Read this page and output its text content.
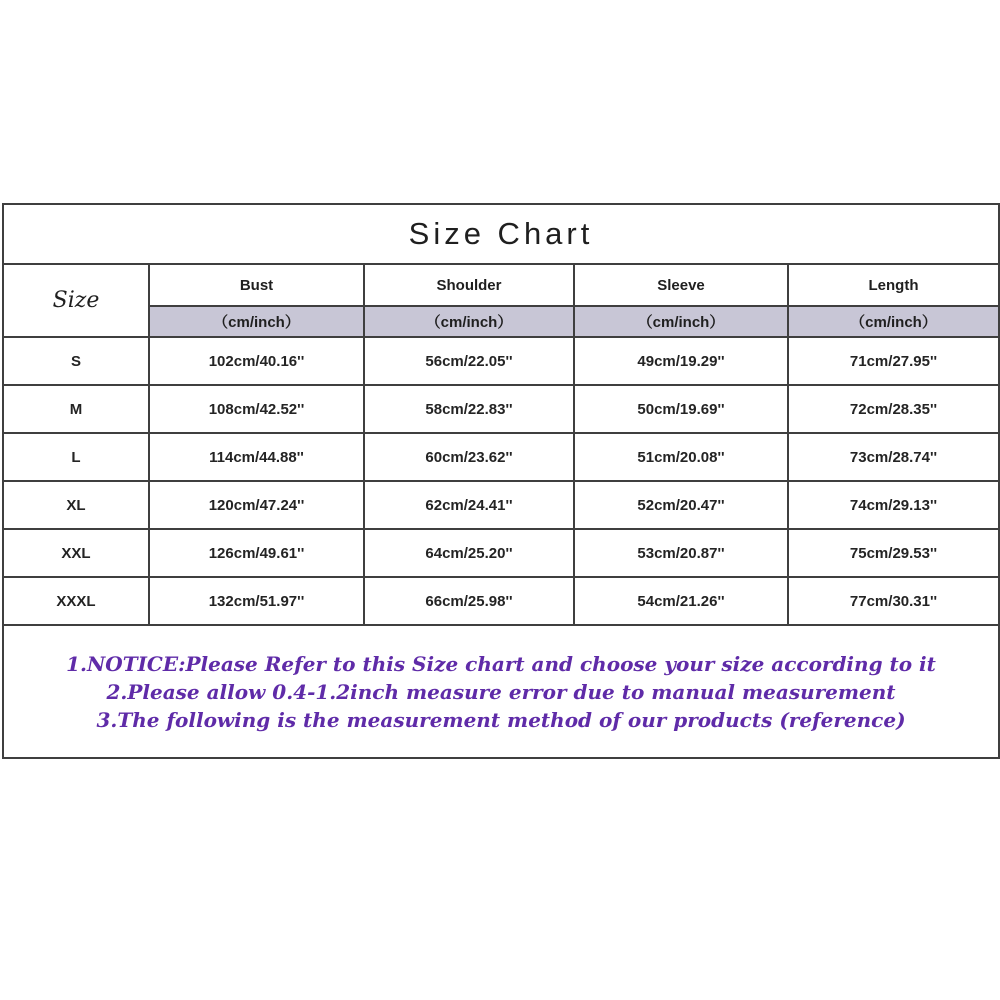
Size Chart				
Size	Bust	Shoulder	Sleeve	Length
	（cm/inch）	（cm/inch）	（cm/inch）	（cm/inch）
S	102cm/40.16''	56cm/22.05''	49cm/19.29''	71cm/27.95''
M	108cm/42.52''	58cm/22.83''	50cm/19.69''	72cm/28.35''
L	114cm/44.88''	60cm/23.62''	51cm/20.08''	73cm/28.74''
XL	120cm/47.24''	62cm/24.41''	52cm/20.47''	74cm/29.13''
XXL	126cm/49.61''	64cm/25.20''	53cm/20.87''	75cm/29.53''
XXXL	132cm/51.97''	66cm/25.98''	54cm/21.26''	77cm/30.31''

1.NOTICE:Please Refer to this Size chart and choose your size according to it
2.Please allow 0.4-1.2inch measure error due to manual measurement
3.The following is the measurement method of our products (reference)				
